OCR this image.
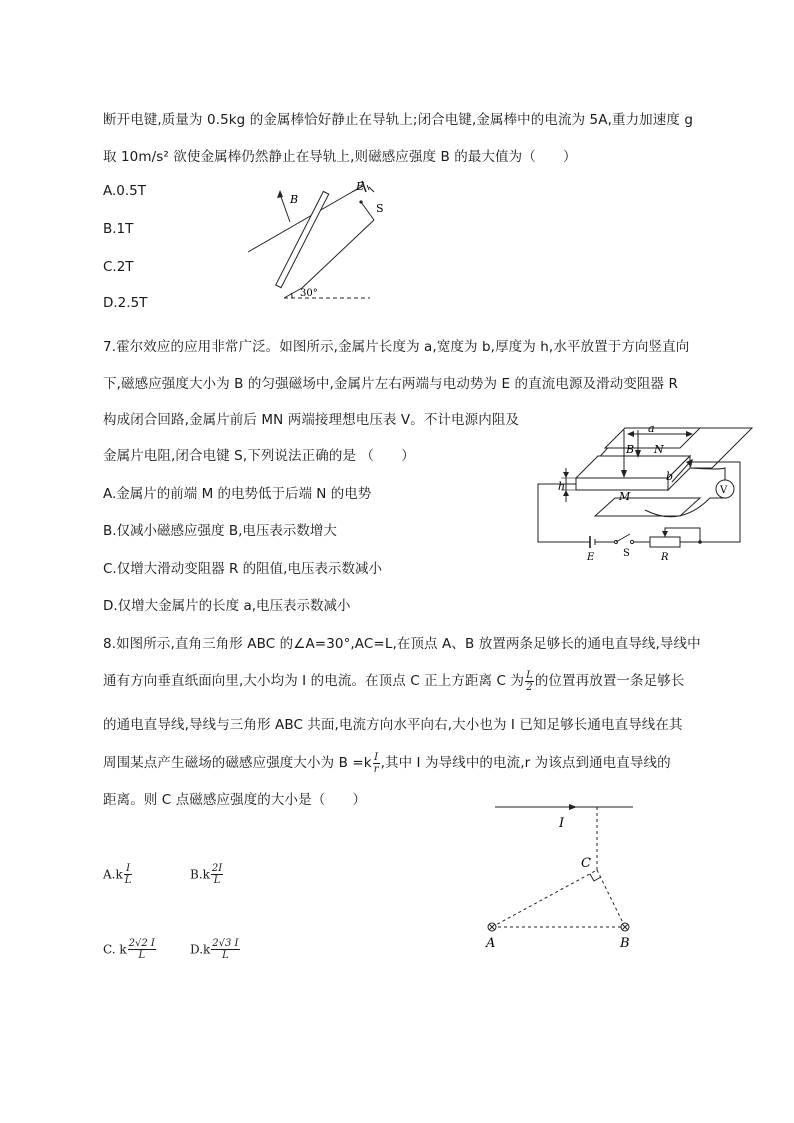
断开电键,质量为 0.5kg 的金属棒恰好静止在导轨上;闭合电键,金属棒中的电流为 5A,重力加速度 g
取 10m/s² 欲使金属棒仍然静止在导轨上,则磁感应强度 B 的最大值为（　　）
A.0.5T
B.1T
C.2T
D.2.5T
B
E
S
30°
7.霍尔效应的应用非常广泛。如图所示,金属片长度为 a,宽度为 b,厚度为 h,水平放置于方向竖直向
下,磁感应强度大小为 B 的匀强磁场中,金属片左右两端与电动势为 E 的直流电源及滑动变阻器 R
构成闭合回路,金属片前后 MN 两端接理想电压表 V。不计电源内阻及
金属片电阻,闭合电键 S,下列说法正确的是 （　　）
A.金属片的前端 M 的电势低于后端 N 的电势
B.仅减小磁感应强度 B,电压表示数增大
C.仅增大滑动变阻器 R 的阻值,电压表示数减小
D.仅增大金属片的长度 a,电压表示数减小
a
B N
b
h
M	V
E	S	R
8.如图所示,直角三角形 ABC 的∠A=30°,AC=L,在顶点 A、B 放置两条足够长的通电直导线,导线中
通有方向垂直纸面向里,大小均为 I 的电流。在顶点 C 正上方距离 C 为 $\frac{L}{2}$ 的位置再放置一条足够长
的通电直导线,导线与三角形 ABC 共面,电流方向水平向右,大小也为 I 已知足够长通电直导线在其
周围某点产生磁场的磁感应强度大小为 $B =k \frac{I}{r}$ ,其中 I 为导线中的电流,r 为该点到通电直导线的
距离。则 C 点磁感应强度的大小是（　　）
$A.k \frac{I}{L}$	$B.k \frac{2I}{L}$
C. k $\frac{2√2 I}{L}$	$D.k \frac{2√3 I}{L}$
I
C
A	B
